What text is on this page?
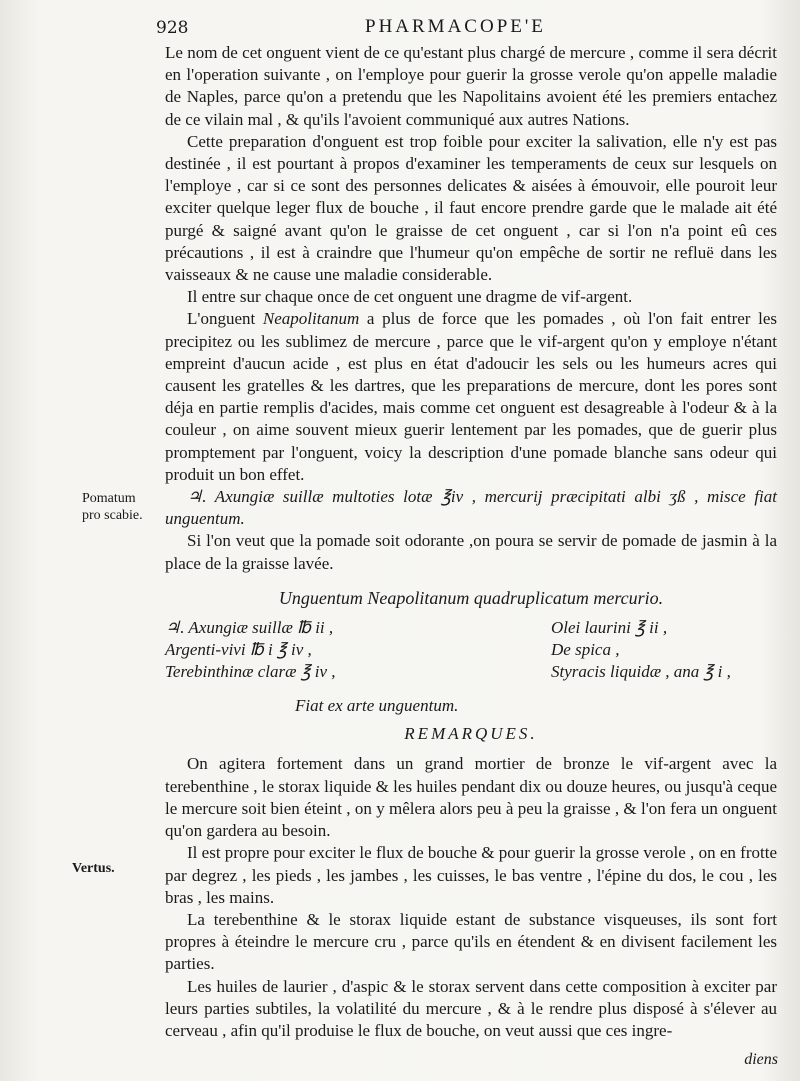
928	PHARMACOPE'E
Pomatum
pro scabie.
Vertus.

Le nom de cet onguent vient de ce qu'estant plus chargé de mercure , comme il sera décrit en l'operation suivante , on l'employe pour guerir la grosse verole qu'on appelle maladie de Naples, parce qu'on a pretendu que les Napolitains avoient été les premiers entachez de ce vilain mal , & qu'ils l'avoient communiqué aux autres Nations.

Cette preparation d'onguent est trop foible pour exciter la salivation, elle n'y est pas destinée , il est pourtant à propos d'examiner les temperaments de ceux sur lesquels on l'employe , car si ce sont des personnes delicates & aisées à émouvoir, elle pouroit leur exciter quelque leger flux de bouche , il faut encore prendre garde que le malade ait été purgé & saigné avant qu'on le graisse de cet onguent , car si l'on n'a point eû ces précautions , il est à craindre que l'humeur qu'on empêche de sortir ne refluë dans les vaisseaux & ne cause une maladie considerable.

Il entre sur chaque once de cet onguent une dragme de vif-argent.

L'onguent Neapolitanum a plus de force que les pomades , où l'on fait entrer les precipitez ou les sublimez de mercure , parce que le vif-argent qu'on y employe n'étant empreint d'aucun acide , est plus en état d'adoucir les sels ou les humeurs acres qui causent les gratelles & les dartres, que les preparations de mercure, dont les pores sont déja en partie remplis d'acides, mais comme cet onguent est desagreable à l'odeur & à la couleur , on aime souvent mieux guerir lentement par les pomades, que de guerir plus promptement par l'onguent, voicy la description d'une pomade blanche sans odeur qui produit un bon effet.

♃. Axungiæ suillæ multoties lotæ ℥iv , mercurij præcipitati albi ʒß , misce fiat unguentum.

Si l'on veut que la pomade soit odorante ,on poura se servir de pomade de jasmin à la place de la graisse lavée.

Unguentum Neapolitanum quadruplicatum mercurio.
♃. Axungiæ suillæ ℔ ii ,	Olei laurini ℥ ii ,
Argenti-vivi ℔ i ℥ iv ,	De spica ,
Terebinthinæ claræ ℥ iv ,	Styracis liquidæ , ana ℥ i ,
Fiat ex arte unguentum.
REMARQUES.

On agitera fortement dans un grand mortier de bronze le vif-argent avec la terebenthine , le storax liquide & les huiles pendant dix ou douze heures, ou jusqu'à ceque le mercure soit bien éteint , on y mêlera alors peu à peu la graisse , & l'on fera un onguent qu'on gardera au besoin.

Il est propre pour exciter le flux de bouche & pour guerir la grosse verole , on en frotte par degrez , les pieds , les jambes , les cuisses, le bas ventre , l'épine du dos, le cou , les bras , les mains.

La terebenthine & le storax liquide estant de substance visqueuses, ils sont fort propres à éteindre le mercure cru , parce qu'ils en étendent & en divisent facilement les parties.

Les huiles de laurier , d'aspic & le storax servent dans cette composition à exciter par leurs parties subtiles, la volatilité du mercure , & à le rendre plus disposé à s'élever au cerveau , afin qu'il produise le flux de bouche, on veut aussi que ces ingre-

diens
